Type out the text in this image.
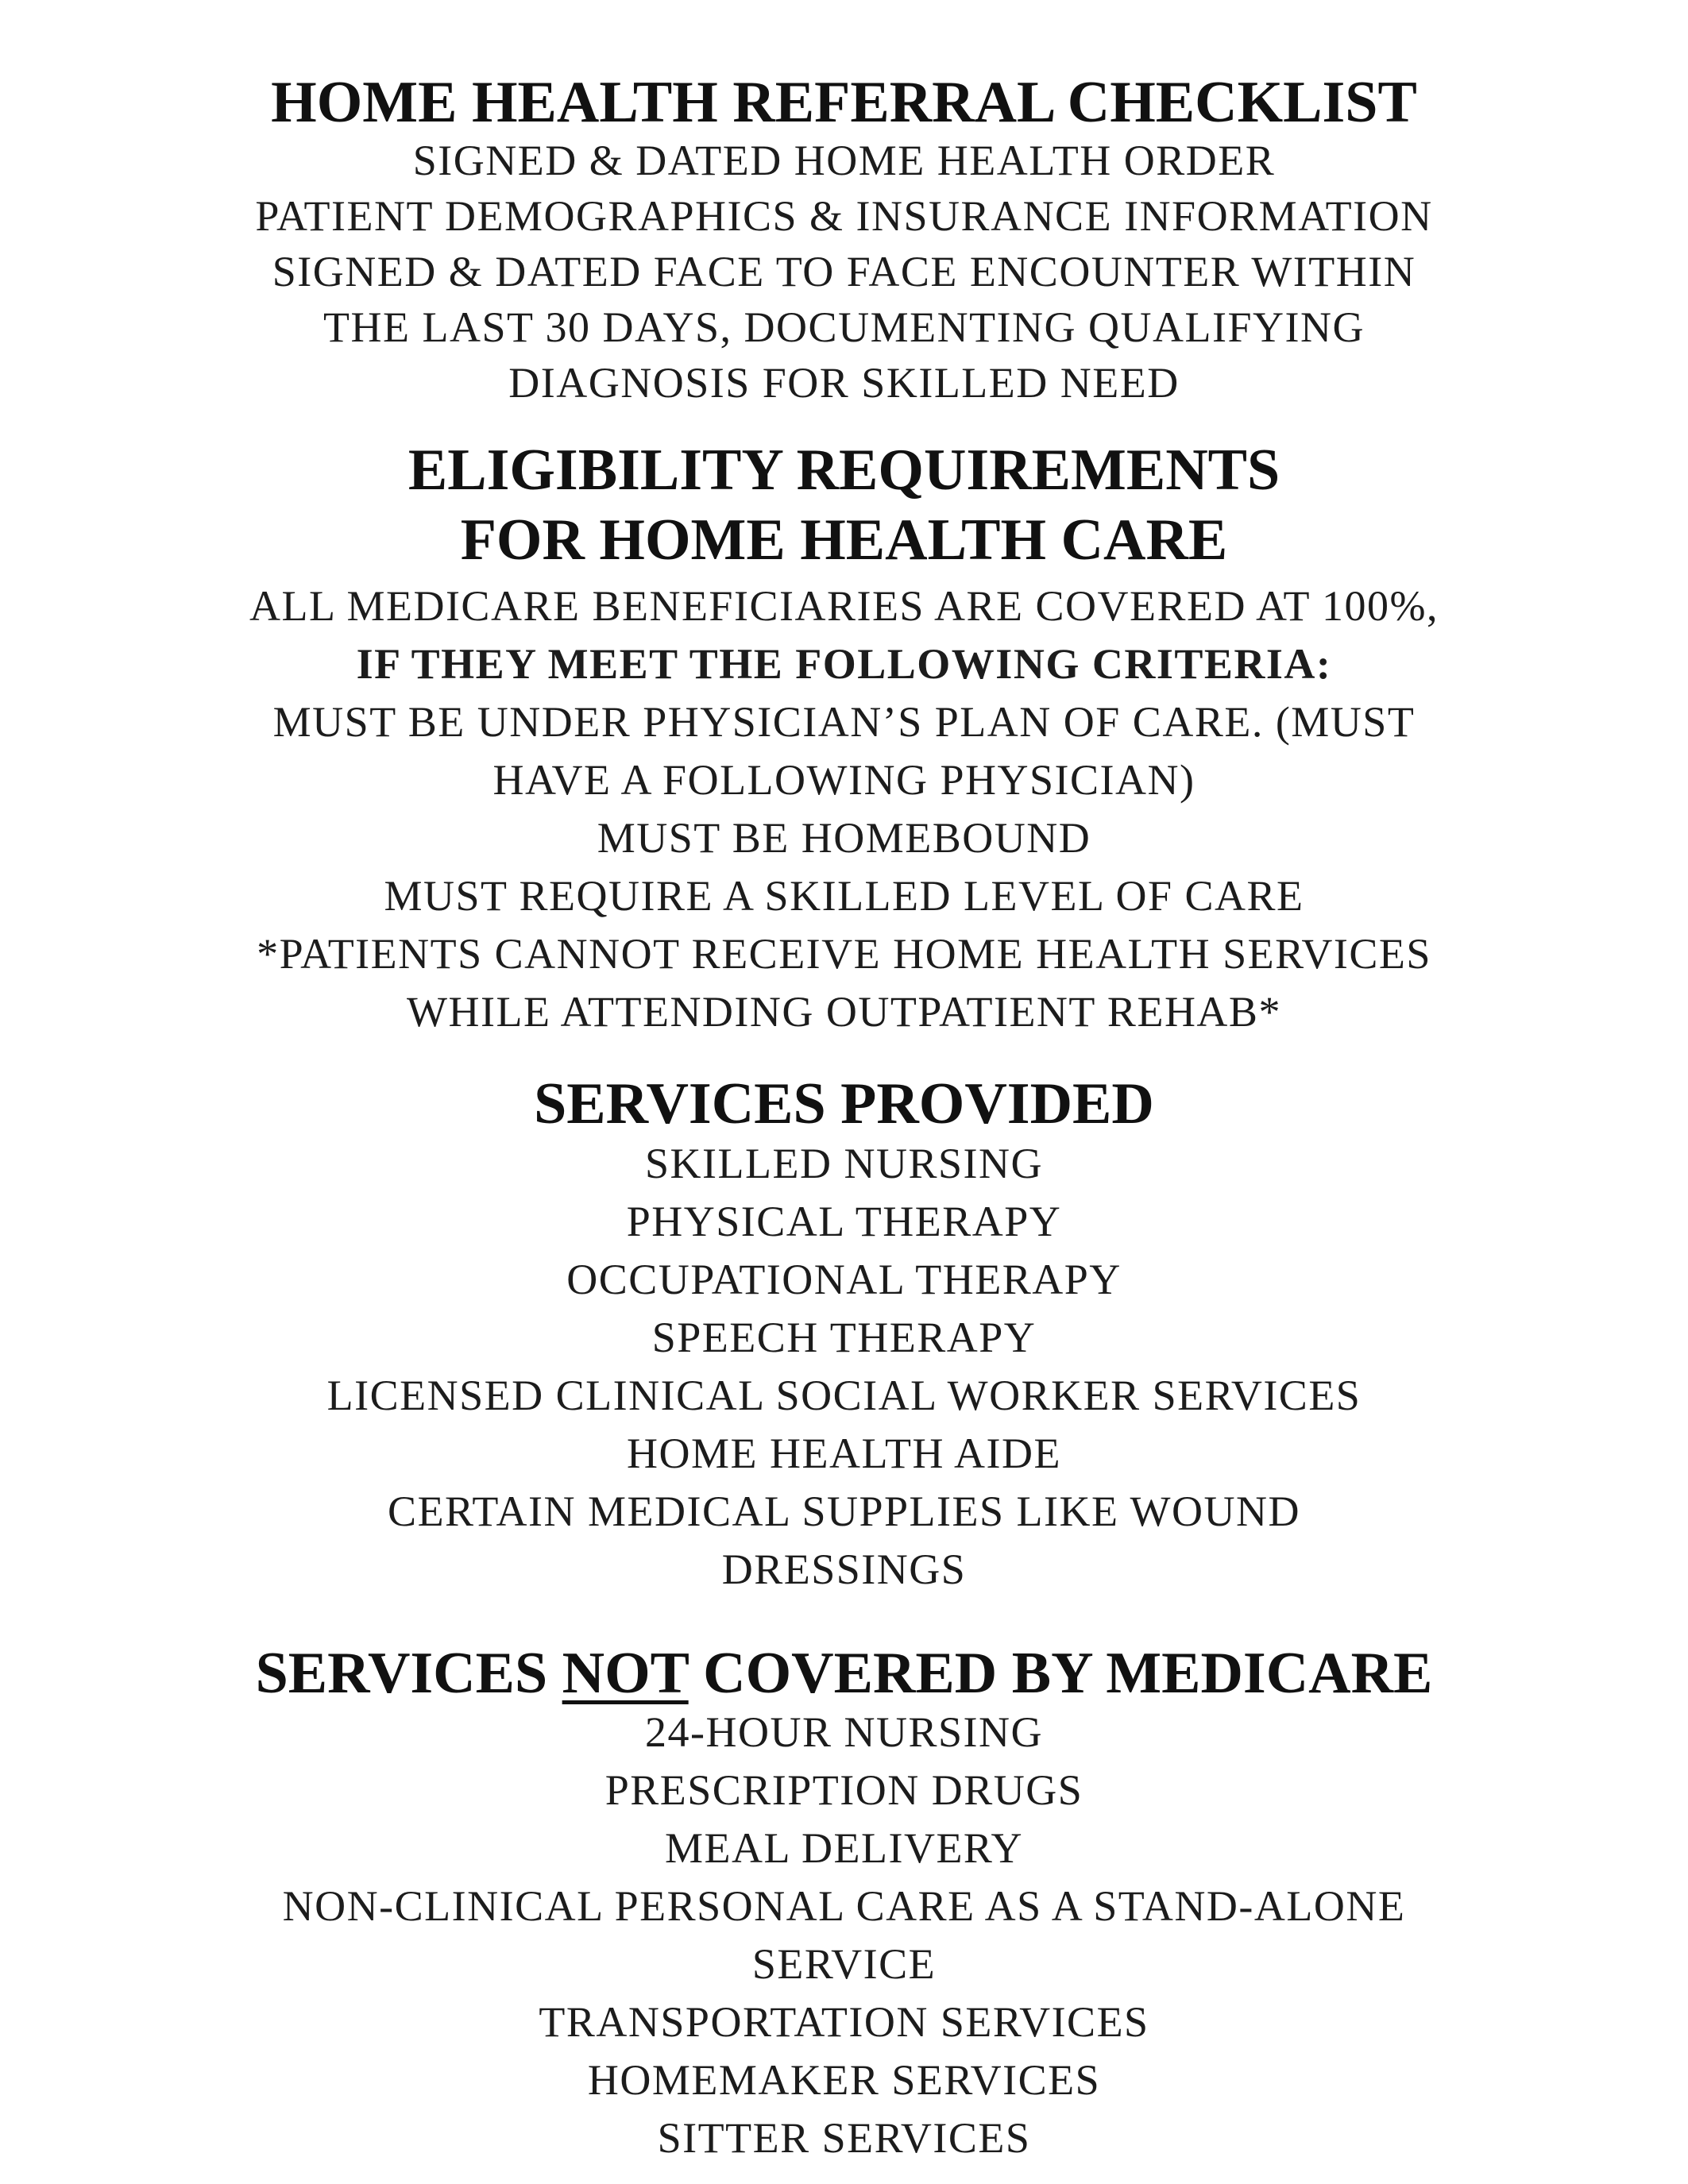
HOME HEALTH REFERRAL CHECKLIST
SIGNED & DATED HOME HEALTH ORDER
PATIENT DEMOGRAPHICS & INSURANCE INFORMATION
SIGNED & DATED FACE TO FACE ENCOUNTER WITHIN
THE LAST 30 DAYS, DOCUMENTING QUALIFYING
DIAGNOSIS FOR SKILLED NEED
ELIGIBILITY REQUIREMENTS
FOR HOME HEALTH CARE
ALL MEDICARE BENEFICIARIES ARE COVERED AT 100%,
IF THEY MEET THE FOLLOWING CRITERIA:
MUST BE UNDER PHYSICIAN’S PLAN OF CARE. (MUST
HAVE A FOLLOWING PHYSICIAN)
MUST BE HOMEBOUND
MUST REQUIRE A SKILLED LEVEL OF CARE
*PATIENTS CANNOT RECEIVE HOME HEALTH SERVICES
WHILE ATTENDING OUTPATIENT REHAB*
SERVICES PROVIDED
SKILLED NURSING
PHYSICAL THERAPY
OCCUPATIONAL THERAPY
SPEECH THERAPY
LICENSED CLINICAL SOCIAL WORKER SERVICES
HOME HEALTH AIDE
CERTAIN MEDICAL SUPPLIES LIKE WOUND
DRESSINGS
SERVICES NOT COVERED BY MEDICARE
24-HOUR NURSING
PRESCRIPTION DRUGS
MEAL DELIVERY
NON-CLINICAL PERSONAL CARE AS A STAND-ALONE
SERVICE
TRANSPORTATION SERVICES
HOMEMAKER SERVICES
SITTER SERVICES
